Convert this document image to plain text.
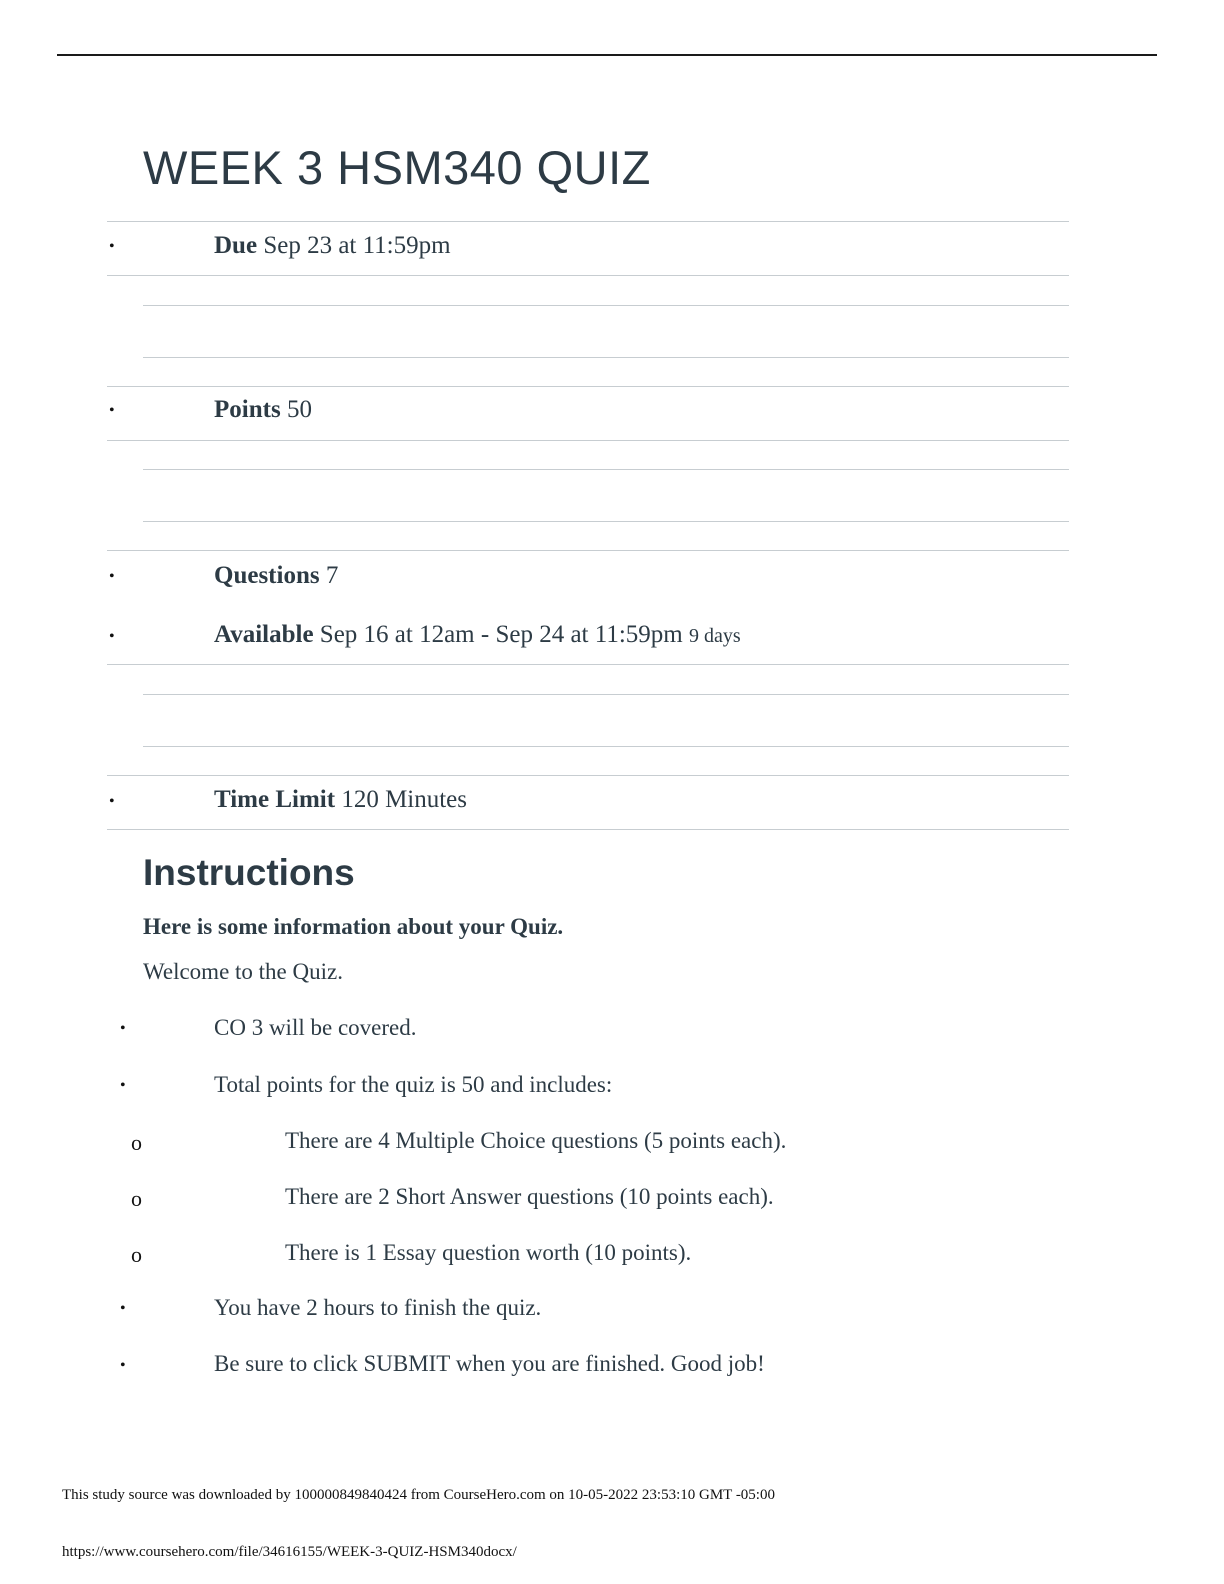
WEEK 3 HSM340 QUIZ
•	Due Sep 23 at 11:59pm
•	Points 50
•	Questions 7
•	Available Sep 16 at 12am - Sep 24 at 11:59pm 9 days
•	Time Limit 120 Minutes
Instructions
Here is some information about your Quiz.
Welcome to the Quiz.
•	CO 3 will be covered.
•	Total points for the quiz is 50 and includes:
o	There are 4 Multiple Choice questions (5 points each).
o	There are 2 Short Answer questions (10 points each).
o	There is 1 Essay question worth (10 points).
•	You have 2 hours to finish the quiz.
•	Be sure to click SUBMIT when you are finished. Good job!
This study source was downloaded by 100000849840424 from CourseHero.com on 10-05-2022 23:53:10 GMT -05:00
https://www.coursehero.com/file/34616155/WEEK-3-QUIZ-HSM340docx/
